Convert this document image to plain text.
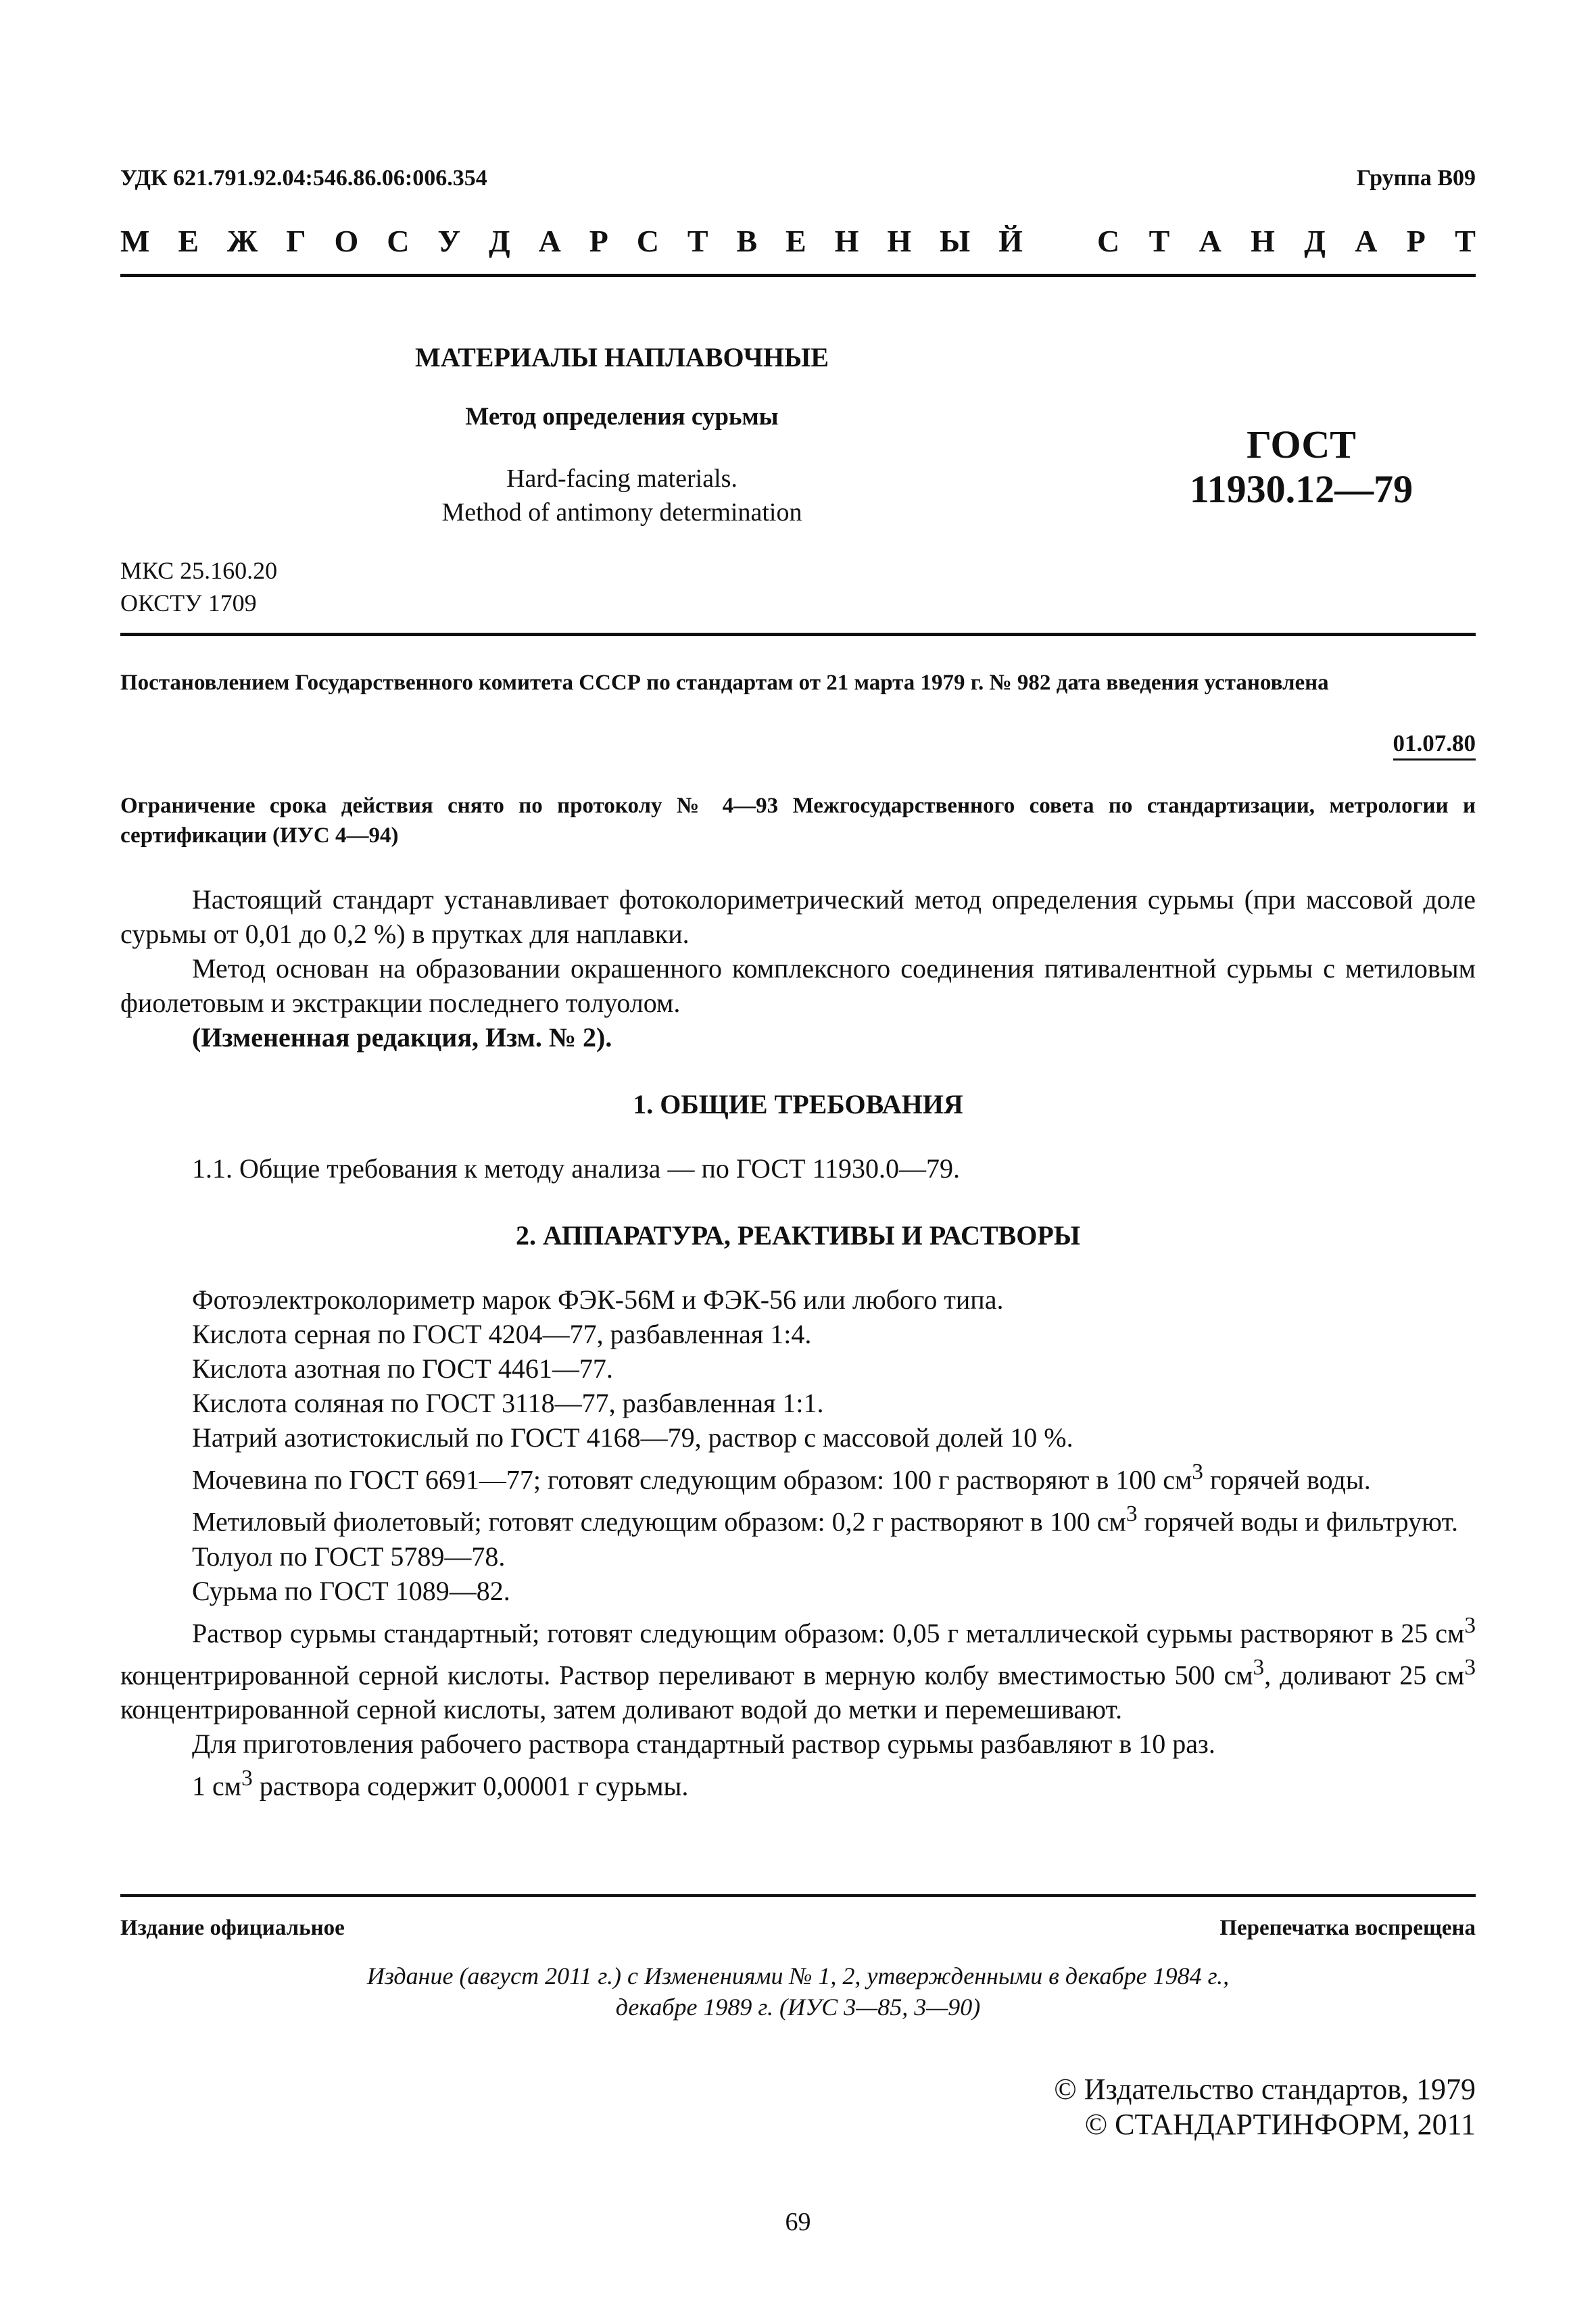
УДК 621.791.92.04:546.86.06:006.354	Группа В09
М Е Ж Г О С У Д А Р С Т В Е Н Н Ы Й С Т А Н Д А Р Т
МАТЕРИАЛЫ НАПЛАВОЧНЫЕ
Метод определения сурьмы
Hard-facing materials.
Method of antimony determination
ГОСТ
11930.12—79
МКС 25.160.20
ОКСТУ 1709
Постановлением Государственного комитета СССР по стандартам от 21 марта 1979 г. № 982 дата введения установлена
01.07.80
Ограничение срока действия снято по протоколу № 4—93 Межгосударственного совета по стандартизации, метрологии и сертификации (ИУС 4—94)

Настоящий стандарт устанавливает фотоколориметрический метод определения сурьмы (при массовой доле сурьмы от 0,01 до 0,2 %) в прутках для наплавки.

Метод основан на образовании окрашенного комплексного соединения пятивалентной сурьмы с метиловым фиолетовым и экстракции последнего толуолом.

(Измененная редакция, Изм. № 2).

1. ОБЩИЕ ТРЕБОВАНИЯ

1.1. Общие требования к методу анализа — по ГОСТ 11930.0—79.

2. АППАРАТУРА, РЕАКТИВЫ И РАСТВОРЫ

Фотоэлектроколориметр марок ФЭК-56М и ФЭК-56 или любого типа.

Кислота серная по ГОСТ 4204—77, разбавленная 1:4.

Кислота азотная по ГОСТ 4461—77.

Кислота соляная по ГОСТ 3118—77, разбавленная 1:1.

Натрий азотистокислый по ГОСТ 4168—79, раствор с массовой долей 10 %.

Мочевина по ГОСТ 6691—77; готовят следующим образом: 100 г растворяют в 100 $см^3$ горячей воды.

Метиловый фиолетовый; готовят следующим образом: 0,2 г растворяют в 100 $см^3$ горячей воды и фильтруют.

Толуол по ГОСТ 5789—78.

Сурьма по ГОСТ 1089—82.

Раствор сурьмы стандартный; готовят следующим образом: 0,05 г металлической сурьмы растворяют в 25 $см^3$ концентрированной серной кислоты. Раствор переливают в мерную колбу вместимостью 500 $см^3$, доливают 25 $см^3$ концентрированной серной кислоты, затем доливают водой до метки и перемешивают.

Для приготовления рабочего раствора стандартный раствор сурьмы разбавляют в 10 раз.

1 $см^3$ раствора содержит 0,00001 г сурьмы.

Издание официальное	Перепечатка воспрещена
Издание (август 2011 г.) с Изменениями № 1, 2, утвержденными в декабре 1984 г.,
декабре 1989 г. (ИУС 3—85, 3—90)
© Издательство стандартов, 1979
© СТАНДАРТИНФОРМ, 2011
69
